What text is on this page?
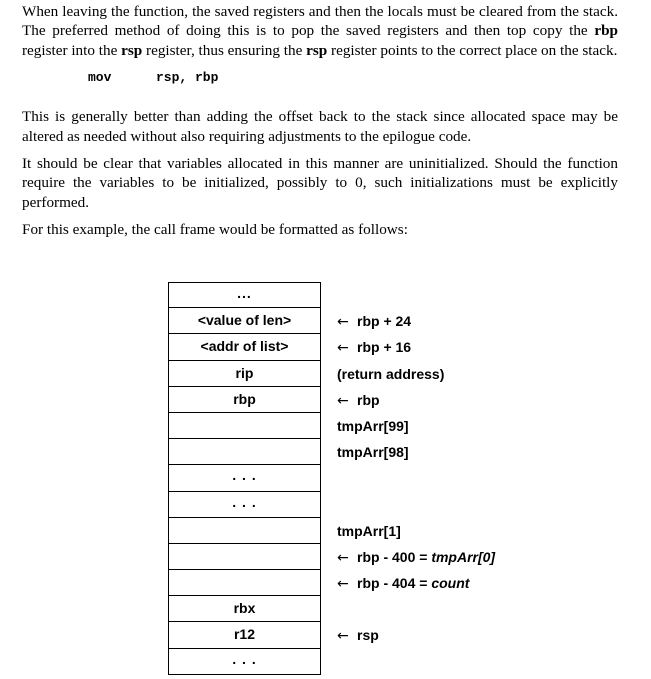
When leaving the function, the saved registers and then the locals must be cleared from the stack. The preferred method of doing this is to pop the saved registers and then top copy the rbp register into the rsp register, thus ensuring the rsp register points to the correct place on the stack.

mov	rsp, rbp

This is generally better than adding the offset back to the stack since allocated space may be altered as needed without also requiring adjustments to the epilogue code.

It should be clear that variables allocated in this manner are uninitialized. Should the function require the variables to be initialized, possibly to 0, such initializations must be explicitly performed.

For this example, the call frame would be formatted as follows:

...
<value of len>
<addr of list>
rip
rbp
. . .
. . .
rbx
r12
. . .
← rbp + 24
← rbp + 16
(return address)
← rbp
tmpArr[99]
tmpArr[98]
tmpArr[1]
← rbp - 400 = tmpArr[0]
← rbp - 404 = count
← rsp
